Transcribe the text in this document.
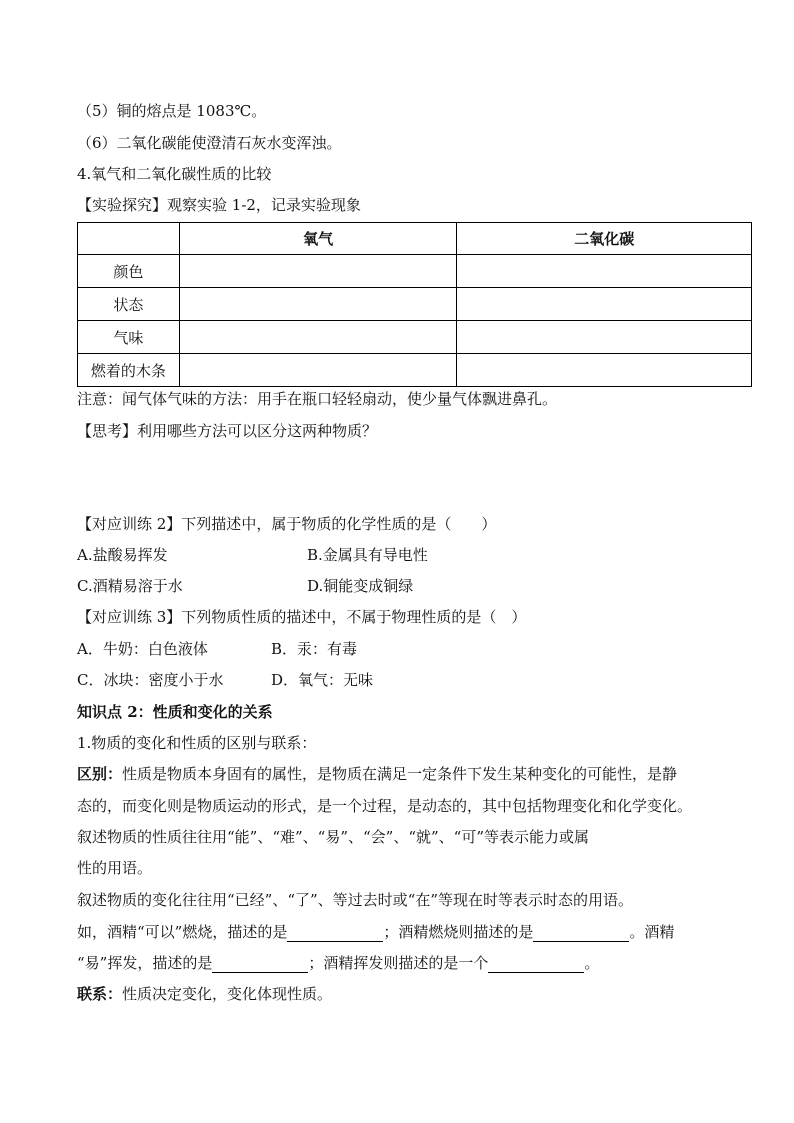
（5）铜的熔点是 1083℃。
（6）二氧化碳能使澄清石灰水变浑浊。
4.氧气和二氧化碳性质的比较
【实验探究】观察实验 1-2，记录实验现象
	氧气	二氧化碳
颜色		
状态		
气味		
燃着的木条		
注意：闻气体气味的方法：用手在瓶口轻轻扇动，使少量气体飘进鼻孔。
【思考】利用哪些方法可以区分这两种物质？
【对应训练 2】下列描述中，属于物质的化学性质的是（　　）
A.盐酸易挥发	B.金属具有导电性
C.酒精易溶于水	D.铜能变成铜绿
【对应训练 3】下列物质性质的描述中，不属于物理性质的是（　）
A．牛奶：白色液体	B．汞：有毒
C．冰块：密度小于水	D．氧气：无味
知识点 2：性质和变化的关系
1.物质的变化和性质的区别与联系：
区别：性质是物质本身固有的属性，是物质在满足一定条件下发生某种变化的可能性，是静
态的，而变化则是物质运动的形式，是一个过程，是动态的，其中包括物理变化和化学变化。
叙述物质的性质往往用“能”、“难”、“易”、“会”、“就”、“可”等表示能力或属
性的用语。
叙述物质的变化往往用“已经”、“了”、等过去时或“在”等现在时等表示时态的用语。
如，酒精“可以”燃烧，描述的是	；酒精燃烧则描述的是	。酒精
“易”挥发，描述的是	；酒精挥发则描述的是一个	。
联系：性质决定变化，变化体现性质。
